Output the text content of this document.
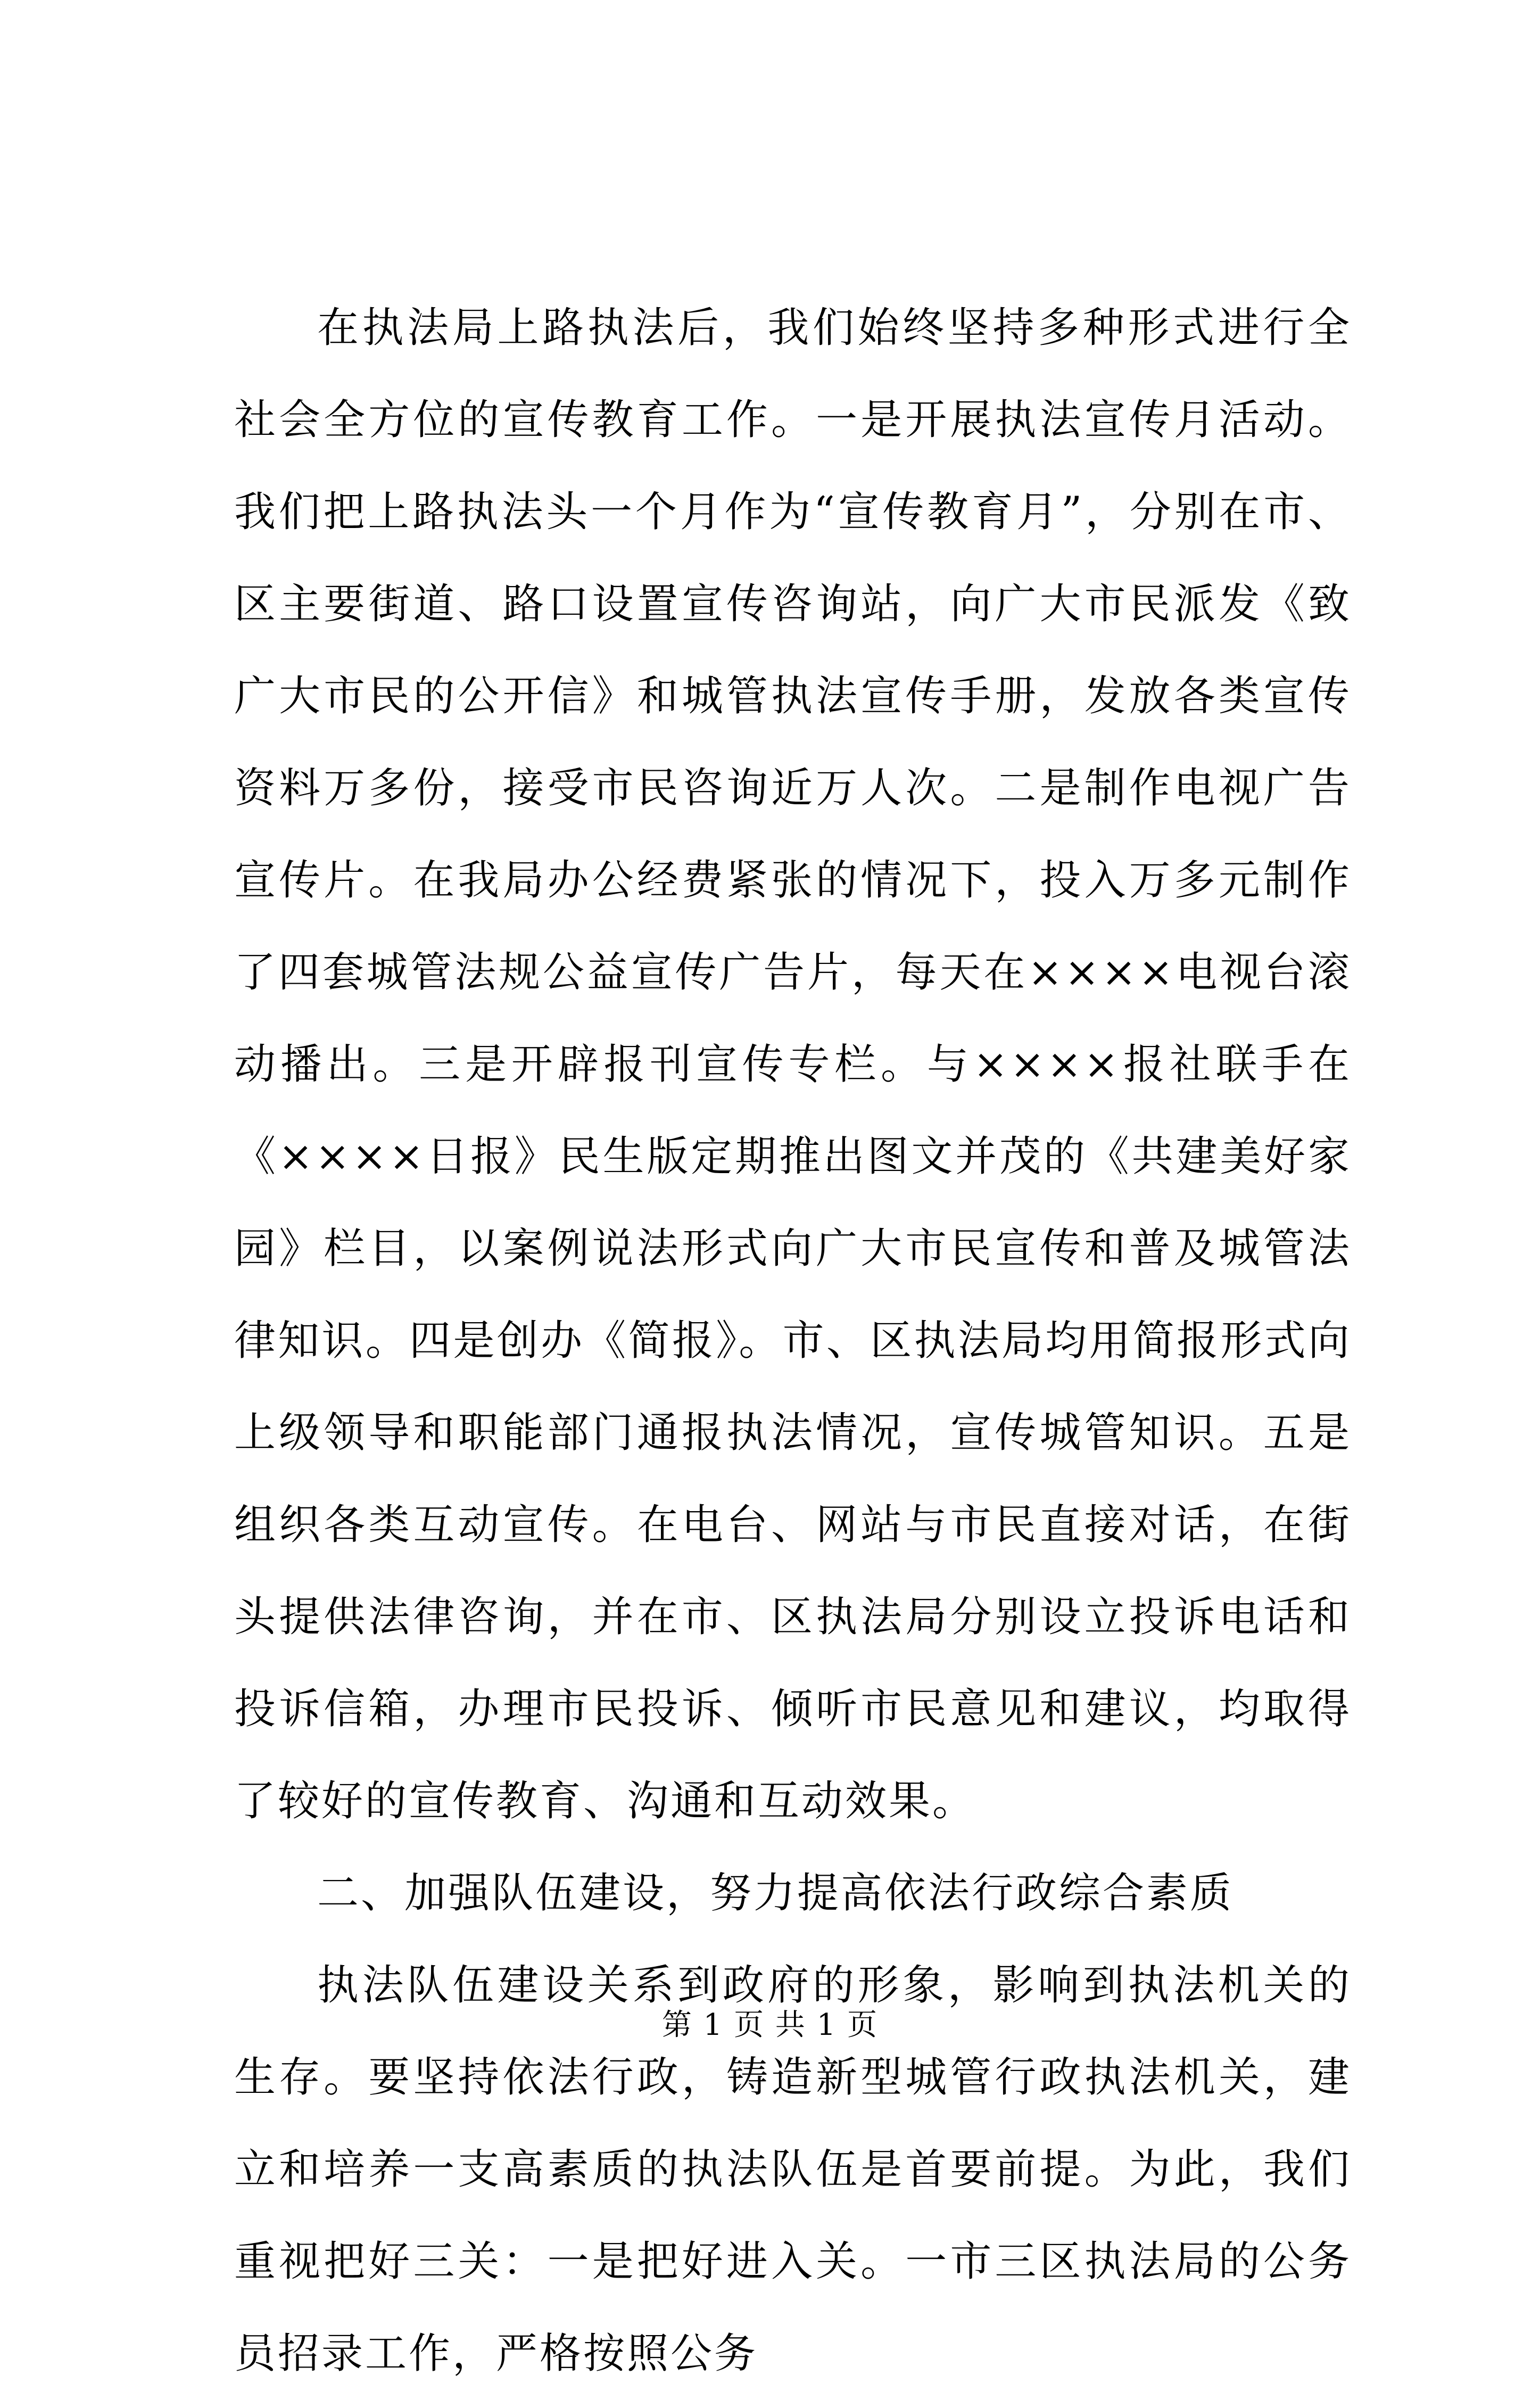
在执法局上路执法后，我们始终坚持多种形式进行全社会全方位的宣传教育工作。一是开展执法宣传月活动。我们把上路执法头一个月作为“宣传教育月”，分别在市、区主要街道、路口设置宣传咨询站，向广大市民派发《致广大市民的公开信》和城管执法宣传手册，发放各类宣传资料万多份，接受市民咨询近万人次。二是制作电视广告宣传片。在我局办公经费紧张的情况下，投入万多元制作了四套城管法规公益宣传广告片，每天在××××电视台滚动播出。三是开辟报刊宣传专栏。与××××报社联手在《××××日报》民生版定期推出图文并茂的《共建美好家园》栏目，以案例说法形式向广大市民宣传和普及城管法律知识。四是创办《简报》。市、区执法局均用简报形式向上级领导和职能部门通报执法情况，宣传城管知识。五是组织各类互动宣传。在电台、网站与市民直接对话，在街头提供法律咨询，并在市、区执法局分别设立投诉电话和投诉信箱，办理市民投诉、倾听市民意见和建议，均取得了较好的宣传教育、沟通和互动效果。

二、加强队伍建设，努力提高依法行政综合素质

执法队伍建设关系到政府的形象，影响到执法机关的生存。要坚持依法行政，铸造新型城管行政执法机关，建立和培养一支高素质的执法队伍是首要前提。为此，我们重视把好三关：一是把好进入关。一市三区执法局的公务员招录工作，严格按照公务

第 1 页 共 1 页
